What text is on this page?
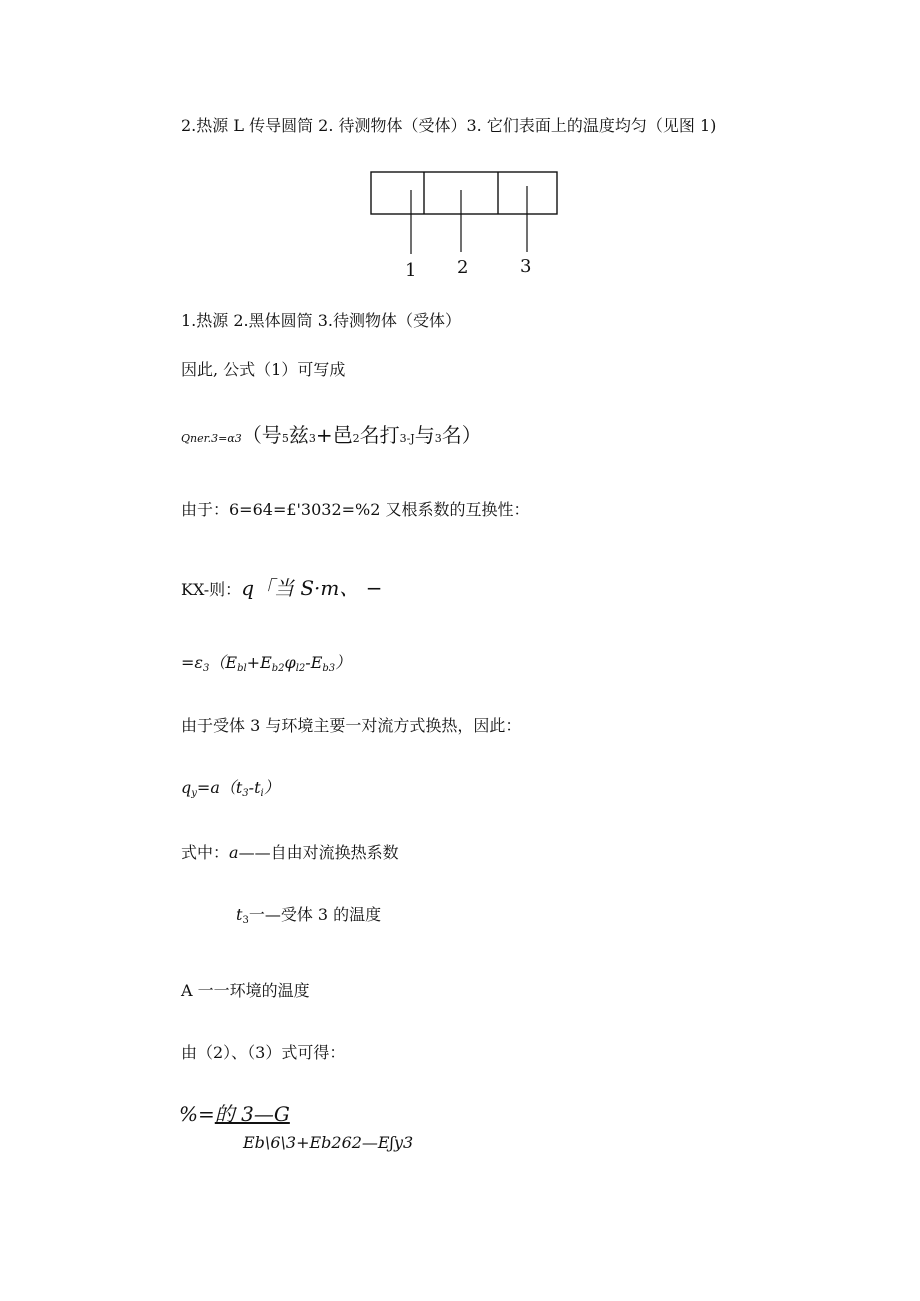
2.热源 L 传导圆筒 2. 待测物体（受体）3. 它们表面上的温度均匀（见图 1)
1 2	3
1.热源 2.黑体圆筒 3.待测物体（受体）
因此, 公式（1）可写成
Qner.3=α3（号5兹3+邑2名打3-J与3名）
由于：6=64=£'3032=%2 又根系数的互换性：
KX-则：q「当 S·m、 −
$=\varepsilon_3(E_{bl}+E_{b2}\varphi_{l2}-E_{b3})$
由于受体 3 与环境主要一对流方式换热，因此：
$q_y=a(t_3-t_i)$
式中：a——自由对流换热系数
$t_3$一—受体 3 的温度
A 一一环境的温度
由（2）、（3）式可得：
%=的 3—G
Eb\6\3+Eb262—Eʃy3
